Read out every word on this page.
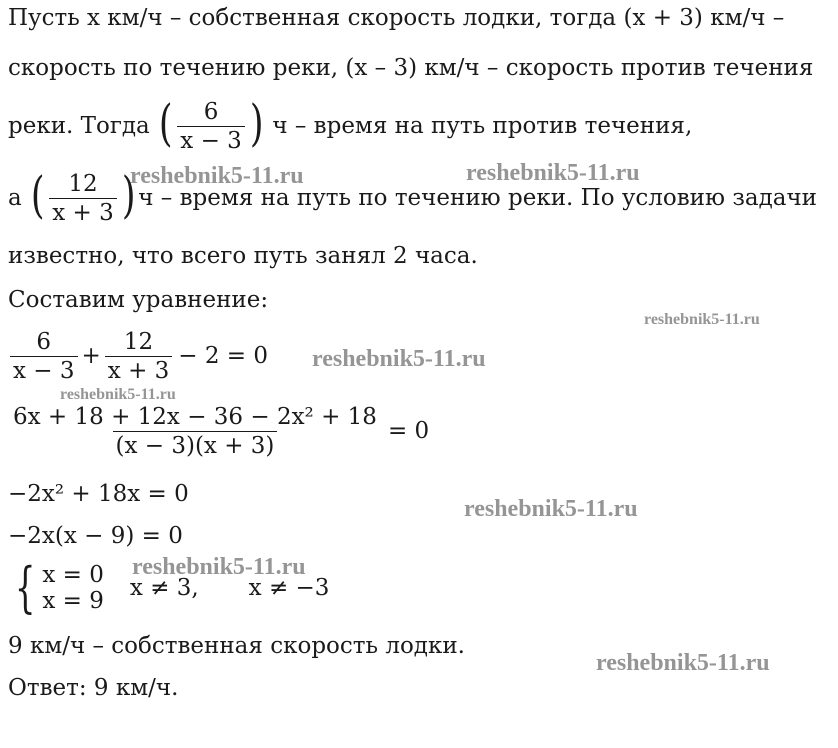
Пусть x км/ч – собственная скорость лодки, тогда (x + 3) км/ч –
скорость по течению реки, (x – 3) км/ч – скорость против течения
реки. Тогда ( $\frac{6}{x - 3}$ ) ч – время на путь против течения,
а ( $\frac{12}{x + 3}$ ) ч – время на путь по течению реки. По условию задачи
известно, что всего путь занял 2 часа.
Составим уравнение:
$\frac{6}{x - 3} + \frac{12}{x + 3} - 2 = 0$
$\frac{\text{6x + 18 + 12x − 36 − 2x² + 18}}{(x - 3)(x + 3)} = 0$
−2x² + 18x = 0
−2x(x − 9) = 0
{ x = 0
x = 9 x ≠ 3, x ≠ −3
9 км/ч – собственная скорость лодки.
Ответ: 9 км/ч.
reshebnik5-11.ru	reshebnik5-11.ru
reshebnik5-11.ru
reshebnik5-11.ru
reshebnik5-11.ru
reshebnik5-11.ru
reshebnik5-11.ru
reshebnik5-11.ru
